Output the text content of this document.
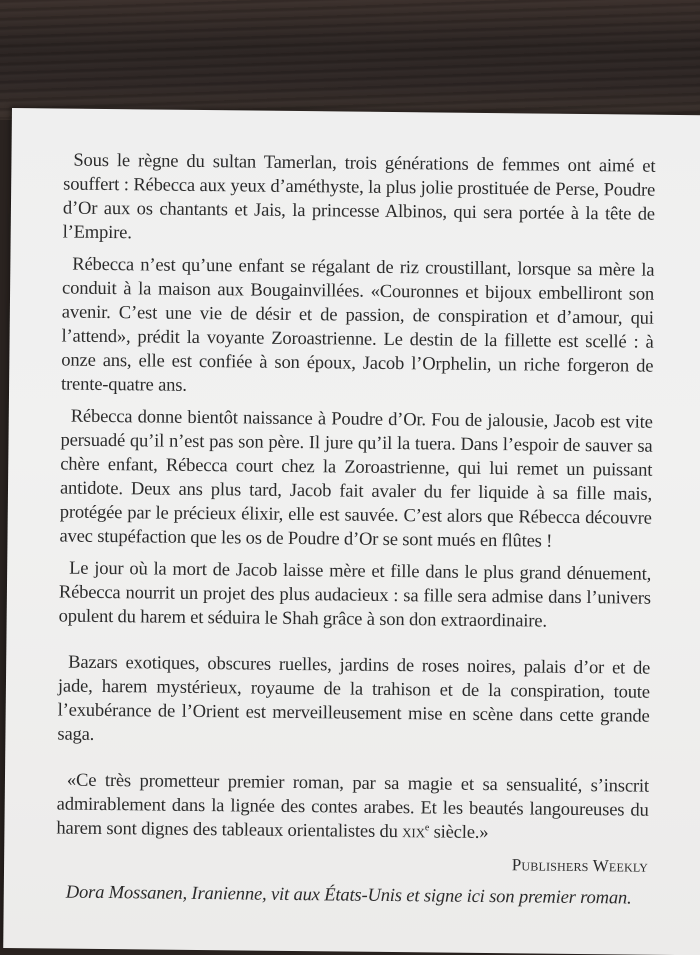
Sous le règne du sultan Tamerlan, trois générations de femmes ont aimé et souffert : Rébecca aux yeux d’améthyste, la plus jolie prostituée de Perse, Poudre d’Or aux os chantants et Jais, la princesse Albinos, qui sera portée à la tête de l’Empire.

Rébecca n’est qu’une enfant se régalant de riz croustillant, lorsque sa mère la conduit à la maison aux Bougainvillées. «Couronnes et bijoux embelliront son avenir. C’est une vie de désir et de passion, de conspiration et d’amour, qui l’attend», prédit la voyante Zoroastrienne. Le destin de la fillette est scellé : à onze ans, elle est confiée à son époux, Jacob l’Orphelin, un riche forgeron de trente-quatre ans.

Rébecca donne bientôt naissance à Poudre d’Or. Fou de jalousie, Jacob est vite persuadé qu’il n’est pas son père. Il jure qu’il la tuera. Dans l’espoir de sauver sa chère enfant, Rébecca court chez la Zoroastrienne, qui lui remet un puissant antidote. Deux ans plus tard, Jacob fait avaler du fer liquide à sa fille mais, protégée par le précieux élixir, elle est sauvée. C’est alors que Rébecca découvre avec stupéfaction que les os de Poudre d’Or se sont mués en flûtes !

Le jour où la mort de Jacob laisse mère et fille dans le plus grand dénuement, Rébecca nourrit un projet des plus audacieux : sa fille sera admise dans l’univers opulent du harem et séduira le Shah grâce à son don extraordinaire.

Bazars exotiques, obscures ruelles, jardins de roses noires, palais d’or et de jade, harem mystérieux, royaume de la trahison et de la conspiration, toute l’exubérance de l’Orient est merveilleusement mise en scène dans cette grande saga.

«Ce très prometteur premier roman, par sa magie et sa sensualité, s’inscrit admirablement dans la lignée des contes arabes. Et les beautés langoureuses du harem sont dignes des tableaux orientalistes du xix$^e$ siècle.»

Publishers Weekly

Dora Mossanen, Iranienne, vit aux États-Unis et signe ici son premier roman.
